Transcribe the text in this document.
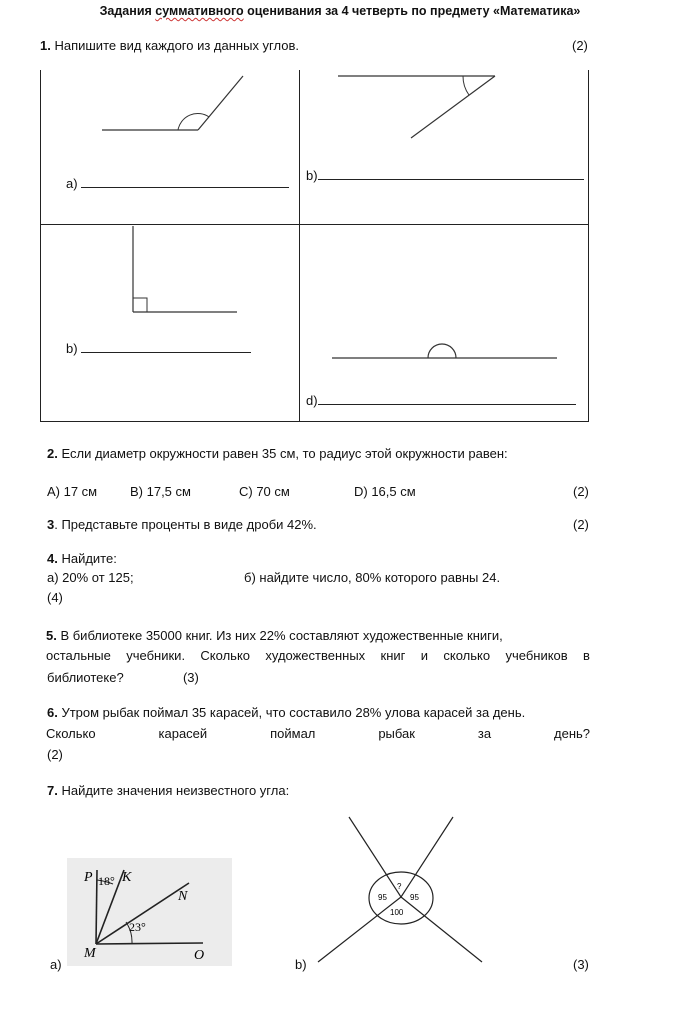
Задания суммативного оценивания за 4 четверть по предмету «Математика»
1. Напишите вид каждого из данных углов.	(2)
a)
b)
b)
d)
2. Если диаметр окружности равен 35 см, то радиус этой окружности равен:
A) 17 см	B) 17,5 см	C) 70 см	D) 16,5 см	(2)
3. Представьте проценты в виде дроби 42%.	(2)
4. Найдите:
а) 20% от 125;	б) найдите число, 80% которого равны 24.
(4)
5. В библиотеке 35000 книг. Из них 22% составляют художественные книги,
остальные учебники. Сколько художественных книг и сколько учебников в
библиотеке?	(3)
6. Утром рыбак поймал 35 карасей, что составило 28% улова карасей за день.
Сколько	карасей	поймал	рыбак	за	день?
(2)
7. Найдите значения неизвестного угла:
P 18° K
N
23°
M	O
a)
?
95	95
100
b)	(3)
